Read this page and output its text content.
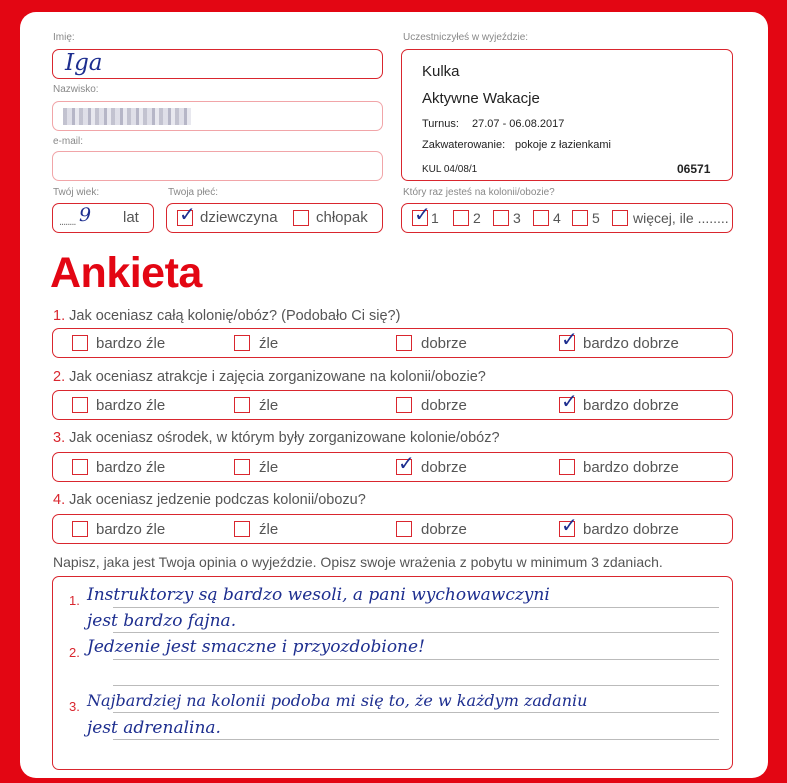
Imię:
Iga
Nazwisko:
e-mail:
Twój wiek:
........ 9 lat
Twoja płeć:
✓ dziewczyna	chłopak
Uczestniczyłeś w wyjeździe:
Kulka
Aktywne Wakacje
Turnus: 27.07 - 06.08.2017
Zakwaterowanie: pokoje z łazienkami
KUL 04/08/1	06571
Który raz jesteś na kolonii/obozie?
✓ 1 2 3 4 5 więcej, ile ........
Ankieta
1. Jak oceniasz całą kolonię/obóz? (Podobało Ci się?)
bardzo źle	źle	dobrze	✓ bardzo dobrze
2. Jak oceniasz atrakcje i zajęcia zorganizowane na kolonii/obozie?
bardzo źle	źle	dobrze	✓ bardzo dobrze
3. Jak oceniasz ośrodek, w którym były zorganizowane kolonie/obóz?
bardzo źle	źle	✓ dobrze	bardzo dobrze
4. Jak oceniasz jedzenie podczas kolonii/obozu?
bardzo źle	źle	dobrze	✓ bardzo dobrze
Napisz, jaka jest Twoja opinia o wyjeździe. Opisz swoje wrażenia z pobytu w minimum 3 zdaniach.
1. Instruktorzy są bardzo wesoli, a pani wychowawczyni
jest bardzo fajna.
2. Jedzenie jest smaczne i przyozdobione!
3. Najbardziej na kolonii podoba mi się to, że w każdym zadaniu
jest adrenalina.
